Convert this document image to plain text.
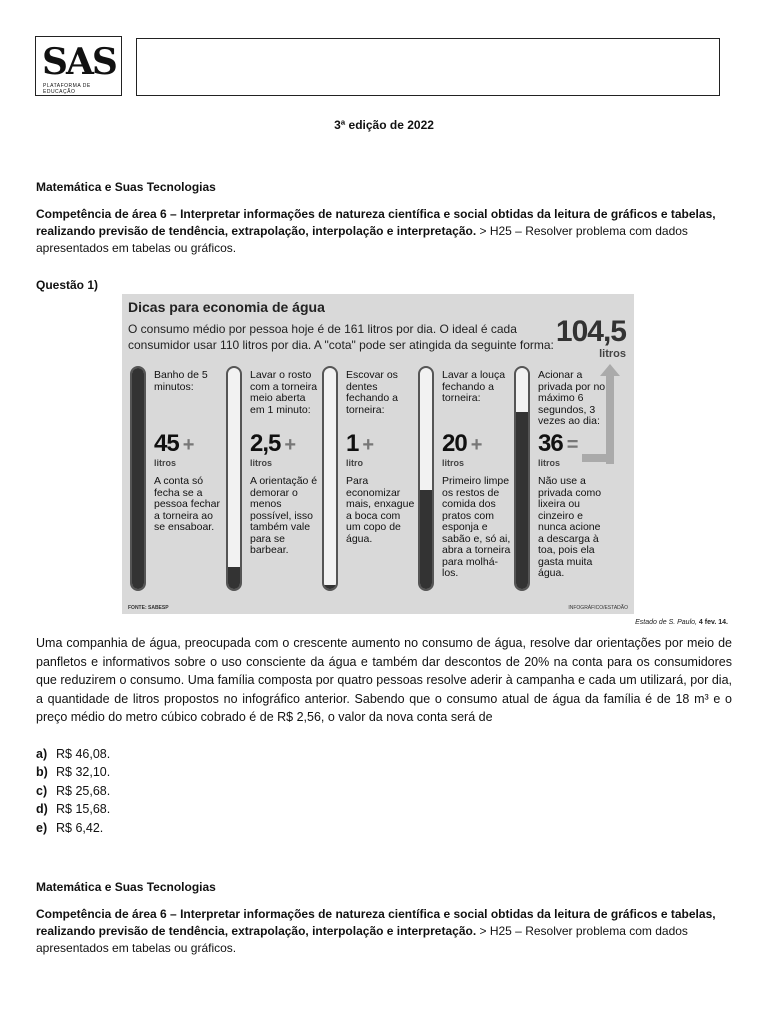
SAS
PLATAFORMA DE EDUCAÇÃO
3ª edição de 2022
Matemática e Suas Tecnologias
Competência de área 6 – Interpretar informações de natureza científica e social obtidas da leitura de gráficos e tabelas, realizando previsão de tendência, extrapolação, interpolação e interpretação. > H25 – Resolver problema com dados apresentados em tabelas ou gráficos.
Questão 1)
Dicas para economia de água
O consumo médio por pessoa hoje é de 161 litros por dia. O ideal é cada consumidor usar 110 litros por dia. A "cota" pode ser atingida da seguinte forma: 104,5
litros
Banho de 5 minutos:
45 +
litros
A conta só fecha se a pessoa fechar a torneira ao se ensaboar.
Lavar o rosto com a torneira meio aberta em 1 minuto:
2,5 +
litros
A orientação é demorar o menos possível, isso também vale para se barbear.
Escovar os dentes fechando a torneira:
1 +
litro
Para economizar mais, enxague a boca com um copo de água.
Lavar a louça fechando a torneira:
20 +
litros
Primeiro limpe os restos de comida dos pratos com esponja e sabão e, só ai, abra a torneira para molhá-los.
Acionar a privada por no máximo 6 segundos, 3 vezes ao dia:
36 =
litros
Não use a privada como lixeira ou cinzeiro e nunca acione a descarga à toa, pois ela gasta muita água.
FONTE: SABESP	INFOGRÁFICO/ESTADÃO
Estado de S. Paulo, 4 fev. 14.
Uma companhia de água, preocupada com o crescente aumento no consumo de água, resolve dar orientações por meio de panfletos e informativos sobre o uso consciente da água e também dar descontos de 20% na conta para os consumidores que reduzirem o consumo. Uma família composta por quatro pessoas resolve aderir à campanha e cada um utilizará, por dia, a quantidade de litros propostos no infográfico anterior. Sabendo que o consumo atual de água da família é de 18 m³ e o preço médio do metro cúbico cobrado é de R$ 2,56, o valor da nova conta será de
a) R$ 46,08.
b) R$ 32,10.
c) R$ 25,68.
d) R$ 15,68.
e) R$ 6,42.
Matemática e Suas Tecnologias
Competência de área 6 – Interpretar informações de natureza científica e social obtidas da leitura de gráficos e tabelas, realizando previsão de tendência, extrapolação, interpolação e interpretação. > H25 – Resolver problema com dados apresentados em tabelas ou gráficos.
